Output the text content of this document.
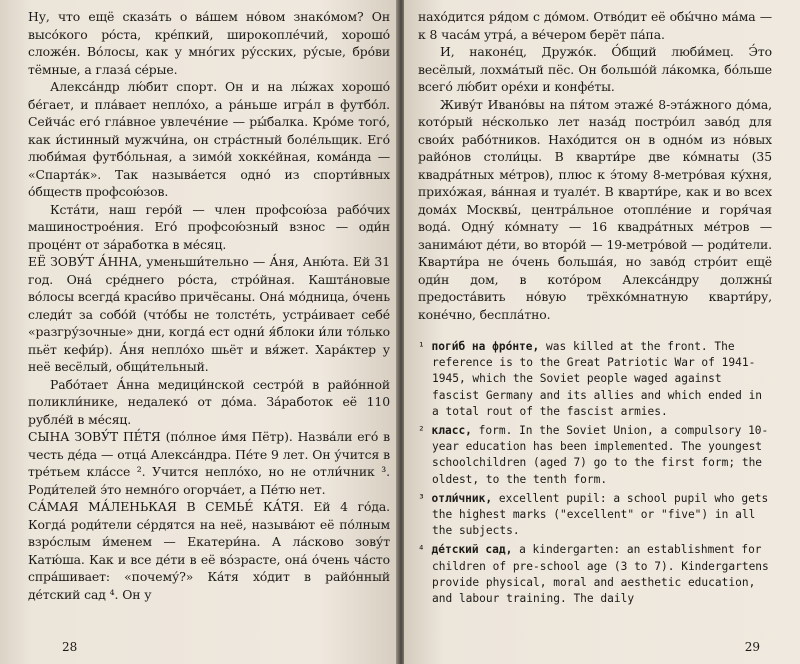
Ну, что ещё сказа́ть о ва́шем но́вом знако́мом? Он высо́кого ро́ста, кре́пкий, широкопле́чий, хорошо́ сложе́н. Во́лосы, как у мно́гих ру́сских, ру́сые, бро́ви тёмные, а глаза́ се́рые.

Алекса́ндр лю́бит спорт. Он и на лы́жах хорошо́ бе́гает, и пла́вает непло́хо, а ра́ньше игра́л в футбо́л. Сейча́с его́ гла́вное увлече́ние — ры́балка. Кро́ме того́, как и́стинный мужчи́на, он стра́стный боле́льщик. Его́ люби́мая футбо́льная, а зимо́й хокке́йная, кома́нда — «Спарта́к». Так называ́ется одно́ из спорти́вных о́бществ профсою́зов.

Кста́ти, наш геро́й — член профсою́за рабо́чих машинострое́ния. Его́ профсою́зный взнос — оди́н проце́нт от за́работка в ме́сяц.

ЕЁ ЗОВУ́Т А́ННА, уменьши́тельно — А́ня, Аню́та. Ей 31 год. Она́ сре́днего ро́ста, стро́йная. Кашта́новые во́лосы всегда́ краси́во причёсаны. Она́ мо́дница, о́чень следи́т за собо́й (что́бы не толсте́ть, устра́ивает себе́ «разгру́зочные» дни, когда́ ест одни́ я́блоки и́ли то́лько пьёт кефи́р). А́ня непло́хо шьёт и вя́жет. Хара́ктер у неё весёлый, общи́тельный.

Рабо́тает А́нна медици́нской сестро́й в райо́нной поликли́нике, недалеко́ от до́ма. За́работок её 110 рубле́й в ме́сяц.

СЫНА ЗОВУ́Т ПЕ́ТЯ (по́лное и́мя Пётр). Назва́ли его́ в честь де́да — отца́ Алекса́ндра. Пе́те 9 лет. Он у́чится в тре́тьем кла́ссе ². Учится непло́хо, но не отли́чник ³. Роди́телей э́то немно́го огорча́ет, а Пе́тю нет.

СА́МАЯ МА́ЛЕНЬКАЯ В СЕМЬЕ́ КА́ТЯ. Ей 4 го́да. Когда́ роди́тели се́рдятся на неё, называ́ют её по́лным взро́слым и́менем — Екатери́на. А ла́сково зову́т Катю́ша. Как и все де́ти в её во́зрасте, она́ о́чень ча́сто спра́шивает: «почему́?» Ка́тя хо́дит в райо́нный де́тский сад ⁴. Он у

28

нахо́дится ря́дом с до́мом. Отво́дит её обы́чно ма́ма — к 8 часа́м утра́, а ве́чером берёт па́па.

И, наконе́ц, Дружо́к. О́бщий люби́мец. Э́то весёлый, лохма́тый пёс. Он большо́й ла́комка, бо́льше всего́ лю́бит оре́хи и конфе́ты.

Живу́т Ивано́вы на пя́том этаже́ 8-эта́жного до́ма, кото́рый не́сколько лет наза́д постро́ил заво́д для свои́х рабо́тников. Нахо́дится он в одно́м из но́вых райо́нов столи́цы. В кварти́ре две ко́мнаты (35 квадра́тных ме́тров), плюс к э́тому 8-метро́вая ку́хня, прихо́жая, ва́нная и туале́т. В кварти́ре, как и во всех дома́х Москвы́, центра́льное отопле́ние и горя́чая вода́. Одну́ ко́мнату — 16 квадра́тных ме́тров — занима́ют де́ти, во второ́й — 19-метро́вой — роди́тели. Кварти́ра не о́чень больша́я, но заво́д стро́ит ещё оди́н дом, в кото́ром Алекса́ндру должны́ предоста́вить но́вую трёхко́мнатную кварти́ру, коне́чно, беспла́тно.

¹ поги́б на фро́нте, was killed at the front. The reference is to the Great Patriotic War of 1941-1945, which the Soviet people waged against fascist Germany and its allies and which ended in a total rout of the fascist armies.

² класс, form. In the Soviet Union, a compulsory 10-year education has been implemented. The youngest schoolchildren (aged 7) go to the first form; the oldest, to the tenth form.

³ отли́чник, excellent pupil: a school pupil who gets the highest marks ("excellent" or "five") in all the subjects.

⁴ де́тский сад, a kindergarten: an establishment for children of pre-school age (3 to 7). Kindergartens provide physical, moral and aesthetic education, and labour training. The daily

29
